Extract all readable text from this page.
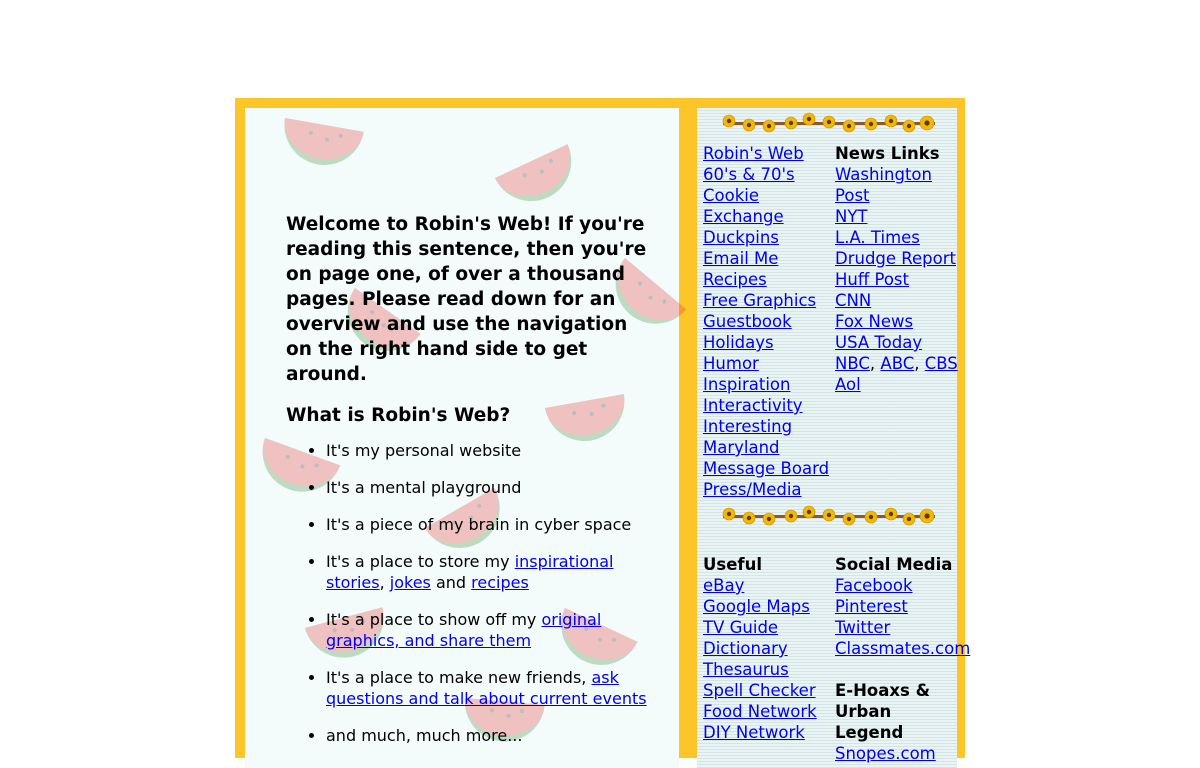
Welcome to Robin's Web! If you're reading this sentence, then you're on page one, of over a thousand pages. Please read down for an overview and use the navigation on the right hand side to get around.

What is Robin's Web?
• It's my personal website
• It's a mental playground
• It's a piece of my brain in cyber space
• It's a place to store my inspirational stories, jokes and recipes
• It's a place to show off my original graphics, and share them
• It's a place to make new friends, ask questions and talk about current events
• and much, much more...
Robin's Web
60's & 70's
Cookie Exchange
Duckpins
Email Me
Recipes
Free Graphics
Guestbook
Holidays
Humor
Inspiration
Interactivity
Interesting
Maryland
Message Board
Press/Media
News Links
Washington Post
NYT
L.A. Times
Drudge Report
Huff Post
CNN
Fox News
USA Today
NBC, ABC, CBS
Aol
Useful
eBay
Google Maps
TV Guide
Dictionary
Thesaurus
Spell Checker
Food Network
DIY Network
Social Media
Facebook
Pinterest
Twitter
Classmates.com
E-Hoaxs & Urban Legend
Snopes.com
